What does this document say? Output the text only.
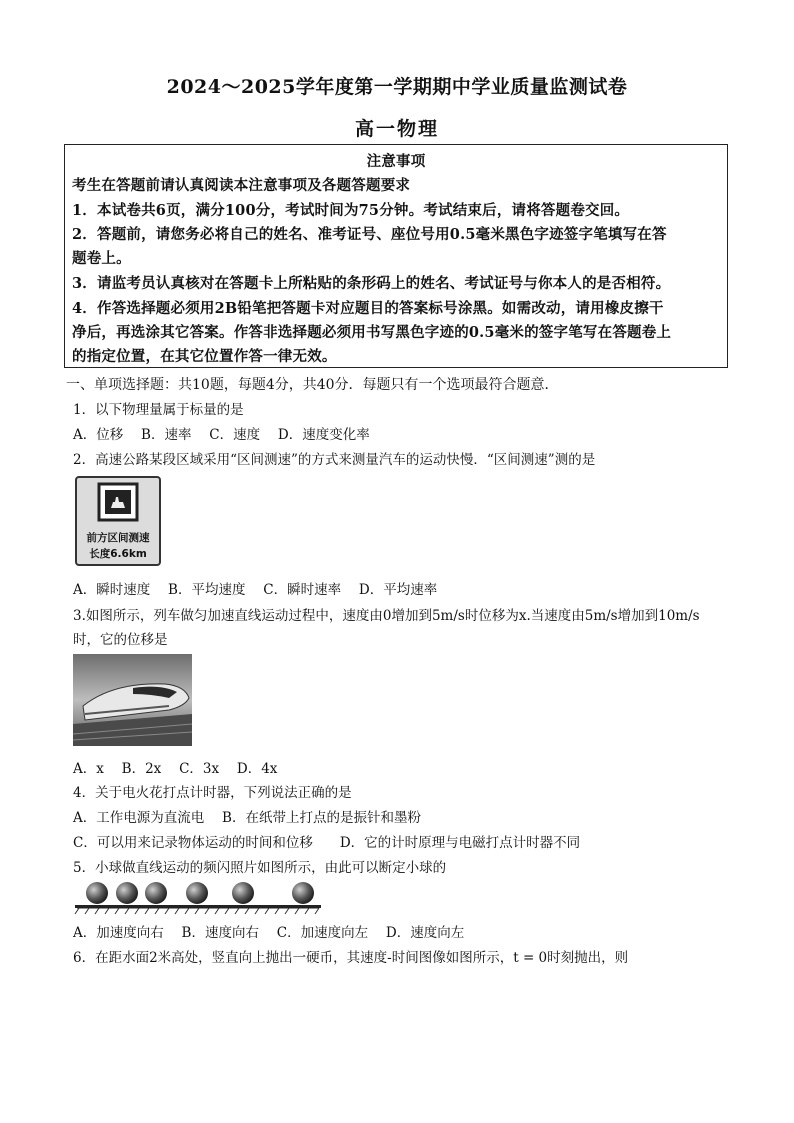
2024～2025学年度第一学期期中学业质量监测试卷
高一物理
注意事项
考生在答题前请认真阅读本注意事项及各题答题要求
1．本试卷共6页，满分100分，考试时间为75分钟。考试结束后，请将答题卷交回。
2．答题前，请您务必将自己的姓名、准考证号、座位号用0.5毫米黑色字迹签字笔填写在答
题卷上。
3．请监考员认真核对在答题卡上所粘贴的条形码上的姓名、考试证号与你本人的是否相符。
4．作答选择题必须用2B铅笔把答题卡对应题目的答案标号涂黑。如需改动，请用橡皮擦干
净后，再选涂其它答案。作答非选择题必须用书写黑色字迹的0.5毫米的签字笔写在答题卷上
的指定位置，在其它位置作答一律无效。
一、单项选择题：共10题，每题4分，共40分．每题只有一个选项最符合题意．
1．以下物理量属于标量的是
A．位移　 B．速率　 C．速度　 D．速度变化率
2．高速公路某段区域采用“区间测速”的方式来测量汽车的运动快慢．“区间测速”测的是
前方区间测速
长度6.6km
A．瞬时速度　 B．平均速度　 C．瞬时速率　 D．平均速率
3.如图所示，列车做匀加速直线运动过程中，速度由0增加到5m/s时位移为x.当速度由5m/s增加到10m/s
时，它的位移是
A．x　 B．2x　 C．3x　 D．4x
4．关于电火花打点计时器，下列说法正确的是
A．工作电源为直流电　 B．在纸带上打点的是振针和墨粉
C．可以用来记录物体运动的时间和位移　　D．它的计时原理与电磁打点计时器不同
5．小球做直线运动的频闪照片如图所示，由此可以断定小球的
A．加速度向右　 B．速度向右　 C．加速度向左　 D．速度向左
6．在距水面2米高处，竖直向上抛出一硬币，其速度-时间图像如图所示，t = 0时刻抛出，则
